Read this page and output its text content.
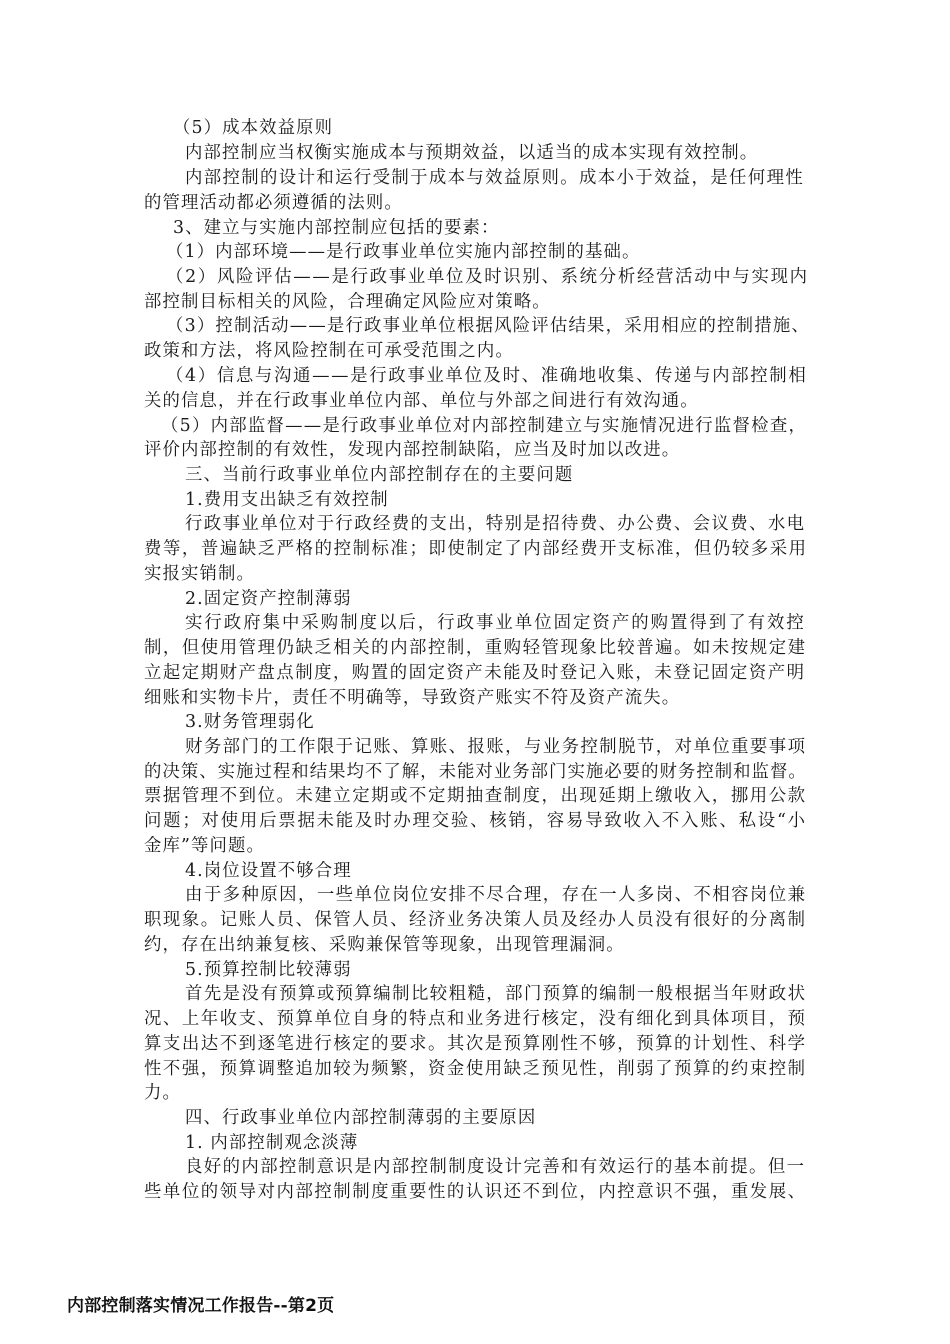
（5）成本效益原则
内部控制应当权衡实施成本与预期效益，以适当的成本实现有效控制。
内部控制的设计和运行受制于成本与效益原则。成本小于效益，是任何理性
的管理活动都必须遵循的法则。
3、建立与实施内部控制应包括的要素：
（1）内部环境——是行政事业单位实施内部控制的基础。
（2）风险评估——是行政事业单位及时识别、系统分析经营活动中与实现内
部控制目标相关的风险，合理确定风险应对策略。
（3）控制活动——是行政事业单位根据风险评估结果，采用相应的控制措施、
政策和方法，将风险控制在可承受范围之内。
（4）信息与沟通——是行政事业单位及时、准确地收集、传递与内部控制相
关的信息，并在行政事业单位内部、单位与外部之间进行有效沟通。
（5）内部监督——是行政事业单位对内部控制建立与实施情况进行监督检查，
评价内部控制的有效性，发现内部控制缺陷，应当及时加以改进。
三、当前行政事业单位内部控制存在的主要问题
1.费用支出缺乏有效控制
行政事业单位对于行政经费的支出，特别是招待费、办公费、会议费、水电
费等，普遍缺乏严格的控制标准；即使制定了内部经费开支标准，但仍较多采用
实报实销制。
2.固定资产控制薄弱
实行政府集中采购制度以后，行政事业单位固定资产的购置得到了有效控
制，但使用管理仍缺乏相关的内部控制，重购轻管现象比较普遍。如未按规定建
立起定期财产盘点制度，购置的固定资产未能及时登记入账，未登记固定资产明
细账和实物卡片，责任不明确等，导致资产账实不符及资产流失。
3.财务管理弱化
财务部门的工作限于记账、算账、报账，与业务控制脱节，对单位重要事项
的决策、实施过程和结果均不了解，未能对业务部门实施必要的财务控制和监督。
票据管理不到位。未建立定期或不定期抽查制度，出现延期上缴收入，挪用公款
问题；对使用后票据未能及时办理交验、核销，容易导致收入不入账、私设“小
金库”等问题。
4.岗位设置不够合理
由于多种原因，一些单位岗位安排不尽合理，存在一人多岗、不相容岗位兼
职现象。记账人员、保管人员、经济业务决策人员及经办人员没有很好的分离制
约，存在出纳兼复核、采购兼保管等现象，出现管理漏洞。
5.预算控制比较薄弱
首先是没有预算或预算编制比较粗糙，部门预算的编制一般根据当年财政状
况、上年收支、预算单位自身的特点和业务进行核定，没有细化到具体项目，预
算支出达不到逐笔进行核定的要求。其次是预算刚性不够，预算的计划性、科学
性不强，预算调整追加较为频繁，资金使用缺乏预见性，削弱了预算的约束控制
力。
四、行政事业单位内部控制薄弱的主要原因
1. 内部控制观念淡薄
良好的内部控制意识是内部控制制度设计完善和有效运行的基本前提。但一
些单位的领导对内部控制制度重要性的认识还不到位，内控意识不强，重发展、
内部控制落实情况工作报告--第2页
